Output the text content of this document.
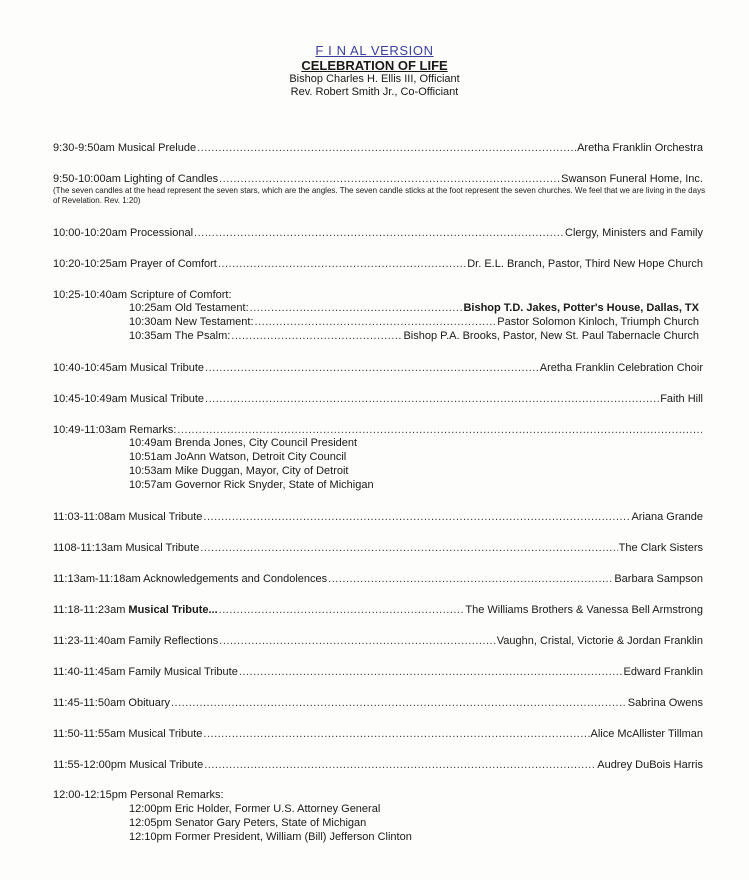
F I N AL VERSION
CELEBRATION OF LIFE
Bishop Charles H. Ellis III, Officiant
Rev. Robert Smith Jr., Co-Officiant
9:30-9:50am Musical Prelude .....	Aretha Franklin Orchestra
9:50-10:00am Lighting of Candles .....	Swanson Funeral Home, Inc.
(The seven candles at the head represent the seven stars, which are the angles. The seven candle sticks at the foot represent the seven churches. We feel that we are living in the days of Revelation. Rev. 1:20)
10:00-10:20am Processional .....	Clergy, Ministers and Family
10:20-10:25am Prayer of Comfort .....	Dr. E.L. Branch, Pastor, Third New Hope Church
10:25-10:40am Scripture of Comfort:
10:25am Old Testament: .....	Bishop T.D. Jakes, Potter's House, Dallas, TX
10:30am New Testament: .....	Pastor Solomon Kinloch, Triumph Church
10:35am The Psalm: .....	Bishop P.A. Brooks, Pastor, New St. Paul Tabernacle Church
10:40-10:45am Musical Tribute .....	Aretha Franklin Celebration Choir
10:45-10:49am Musical Tribute .....	Faith Hill
10:49-11:03am Remarks:
.....
10:49am Brenda Jones, City Council President
10:51am JoAnn Watson, Detroit City Council
10:53am Mike Duggan, Mayor, City of Detroit
10:57am Governor Rick Snyder, State of Michigan
11:03-11:08am Musical Tribute .....	Ariana Grande
1108-11:13am Musical Tribute .....	The Clark Sisters
11:13am-11:18am Acknowledgements and Condolences .....	Barbara Sampson
11:18-11:23am Musical Tribute... .....	The Williams Brothers & Vanessa Bell Armstrong
11:23-11:40am Family Reflections .....	Vaughn, Cristal, Victorie & Jordan Franklin
11:40-11:45am Family Musical Tribute .....	Edward Franklin
11:45-11:50am Obituary .....	Sabrina Owens
11:50-11:55am Musical Tribute .....	Alice McAllister Tillman
11:55-12:00pm Musical Tribute .....	Audrey DuBois Harris
12:00-12:15pm Personal Remarks:
12:00pm Eric Holder, Former U.S. Attorney General
12:05pm Senator Gary Peters, State of Michigan
12:10pm Former President, William (Bill) Jefferson Clinton
